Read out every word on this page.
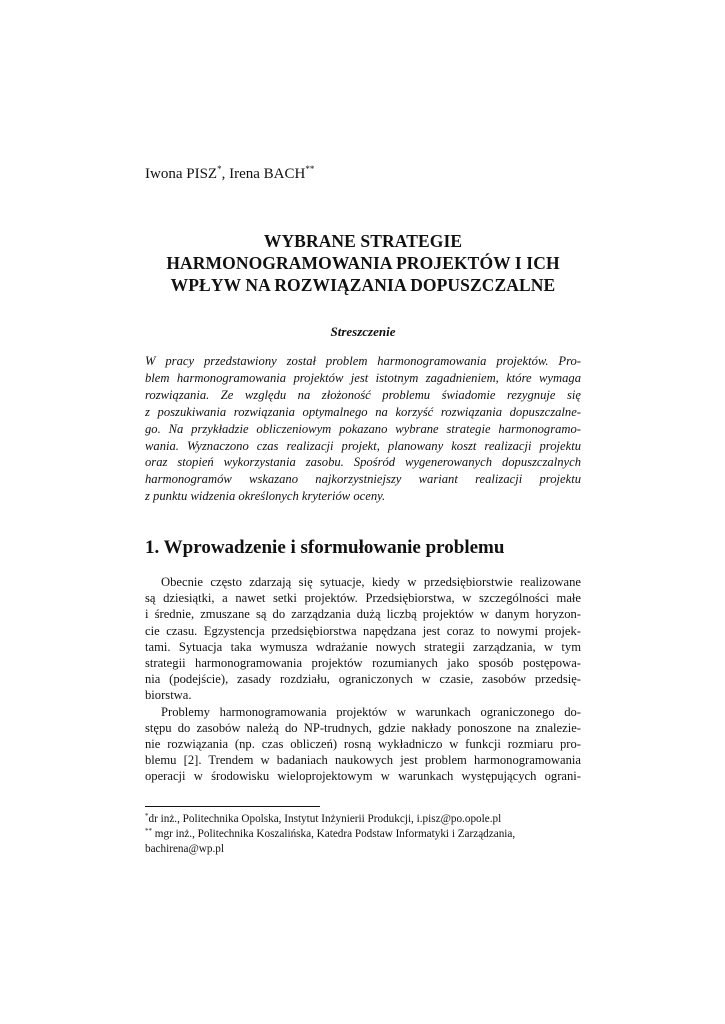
Iwona PISZ*, Irena BACH**
WYBRANE STRATEGIE
HARMONOGRAMOWANIA PROJEKTÓW I ICH
WPŁYW NA ROZWIĄZANIA DOPUSZCZALNE
Streszczenie
W pracy przedstawiony został problem harmonogramowania projektów. Pro-
blem harmonogramowania projektów jest istotnym zagadnieniem, które wymaga
rozwiązania. Ze względu na złożoność problemu świadomie rezygnuje się
z poszukiwania rozwiązania optymalnego na korzyść rozwiązania dopuszczalne-
go. Na przykładzie obliczeniowym pokazano wybrane strategie harmonogramo-
wania. Wyznaczono czas realizacji projekt, planowany koszt realizacji projektu
oraz stopień wykorzystania zasobu. Spośród wygenerowanych dopuszczalnych
harmonogramów wskazano najkorzystniejszy wariant realizacji projektu
z punktu widzenia określonych kryteriów oceny.
1. Wprowadzenie i sformułowanie problemu
Obecnie często zdarzają się sytuacje, kiedy w przedsiębiorstwie realizowane
są dziesiątki, a nawet setki projektów. Przedsiębiorstwa, w szczególności małe
i średnie, zmuszane są do zarządzania dużą liczbą projektów w danym horyzon-
cie czasu. Egzystencja przedsiębiorstwa napędzana jest coraz to nowymi projek-
tami. Sytuacja taka wymusza wdrażanie nowych strategii zarządzania, w tym
strategii harmonogramowania projektów rozumianych jako sposób postępowa-
nia (podejście), zasady rozdziału, ograniczonych w czasie, zasobów przedsię-
biorstwa.
Problemy harmonogramowania projektów w warunkach ograniczonego do-
stępu do zasobów należą do NP-trudnych, gdzie nakłady ponoszone na znalezie-
nie rozwiązania (np. czas obliczeń) rosną wykładniczo w funkcji rozmiaru pro-
blemu [2]. Trendem w badaniach naukowych jest problem harmonogramowania
operacji w środowisku wieloprojektowym w warunkach występujących ograni-
*dr inż., Politechnika Opolska, Instytut Inżynierii Produkcji, i.pisz@po.opole.pl
** mgr inż., Politechnika Koszalińska, Katedra Podstaw Informatyki i Zarządzania,
bachirena@wp.pl
